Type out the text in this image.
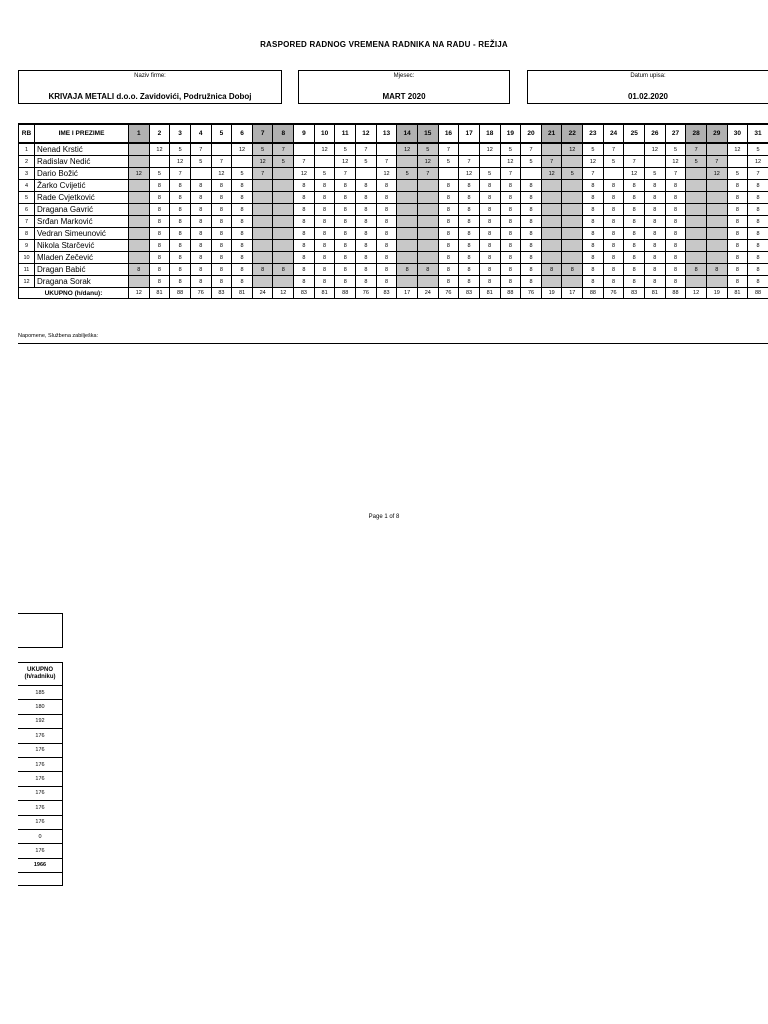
RASPORED RADNOG VREMENA RADNIKA NA RADU - REŽIJA
Naziv firme:
KRIVAJA METALI d.o.o. Zavidovići, Podružnica Doboj
Mjesec:
MART 2020
Datum upisa:
01.02.2020
RB	IME I PREZIME	1	2	3	4	5	6	7	8	9	10	11	12	13	14	15	16	17	18	19	20	21	22	23	24	25	26	27	28	29	30	31
1	Nenad Krstić		12	5	7		12	5	7		12	5	7		12	5	7		12	5	7		12	5	7		12	5	7		12	5
2	Radislav Nedić			12	5	7		12	5	7		12	5	7		12	5	7		12	5	7		12	5	7		12	5	7		12
3	Dario Božić	12	5	7		12	5	7		12	5	7		12	5	7		12	5	7		12	5	7		12	5	7		12	5	7
4	Žarko Cvijetić		8	8	8	8	8			8	8	8	8	8			8	8	8	8	8			8	8	8	8	8			8	8
5	Rade Cvjetković		8	8	8	8	8			8	8	8	8	8			8	8	8	8	8			8	8	8	8	8			8	8
6	Dragana Gavrić		8	8	8	8	8			8	8	8	8	8			8	8	8	8	8			8	8	8	8	8			8	8
7	Srđan Marković		8	8	8	8	8			8	8	8	8	8			8	8	8	8	8			8	8	8	8	8			8	8
8	Vedran Simeunović		8	8	8	8	8			8	8	8	8	8			8	8	8	8	8			8	8	8	8	8			8	8
9	Nikola Starčević		8	8	8	8	8			8	8	8	8	8			8	8	8	8	8			8	8	8	8	8			8	8
10	Mladen Zečević		8	8	8	8	8			8	8	8	8	8			8	8	8	8	8			8	8	8	8	8			8	8
11	Dragan Babić	8	8	8	8	8	8	8	8	8	8	8	8	8	8	8	8	8	8	8	8	8	8	8	8	8	8	8	8	8	8	8
12	Dragana Sorak		8	8	8	8	8			8	8	8	8	8			8	8	8	8	8			8	8	8	8	8			8	8
UKUPNO (h/danu):		12	81	88	76	83	81	24	12	83	81	88	76	83	17	24	76	83	81	88	76	19	17	88	76	83	81	88	12	19	81	88
Napomene, Službena zabilješka:
Page 1 of 8
UKUPNO
(h/radniku)

185
180
192
176
176
176
176
176
176
176
0
176
1966
